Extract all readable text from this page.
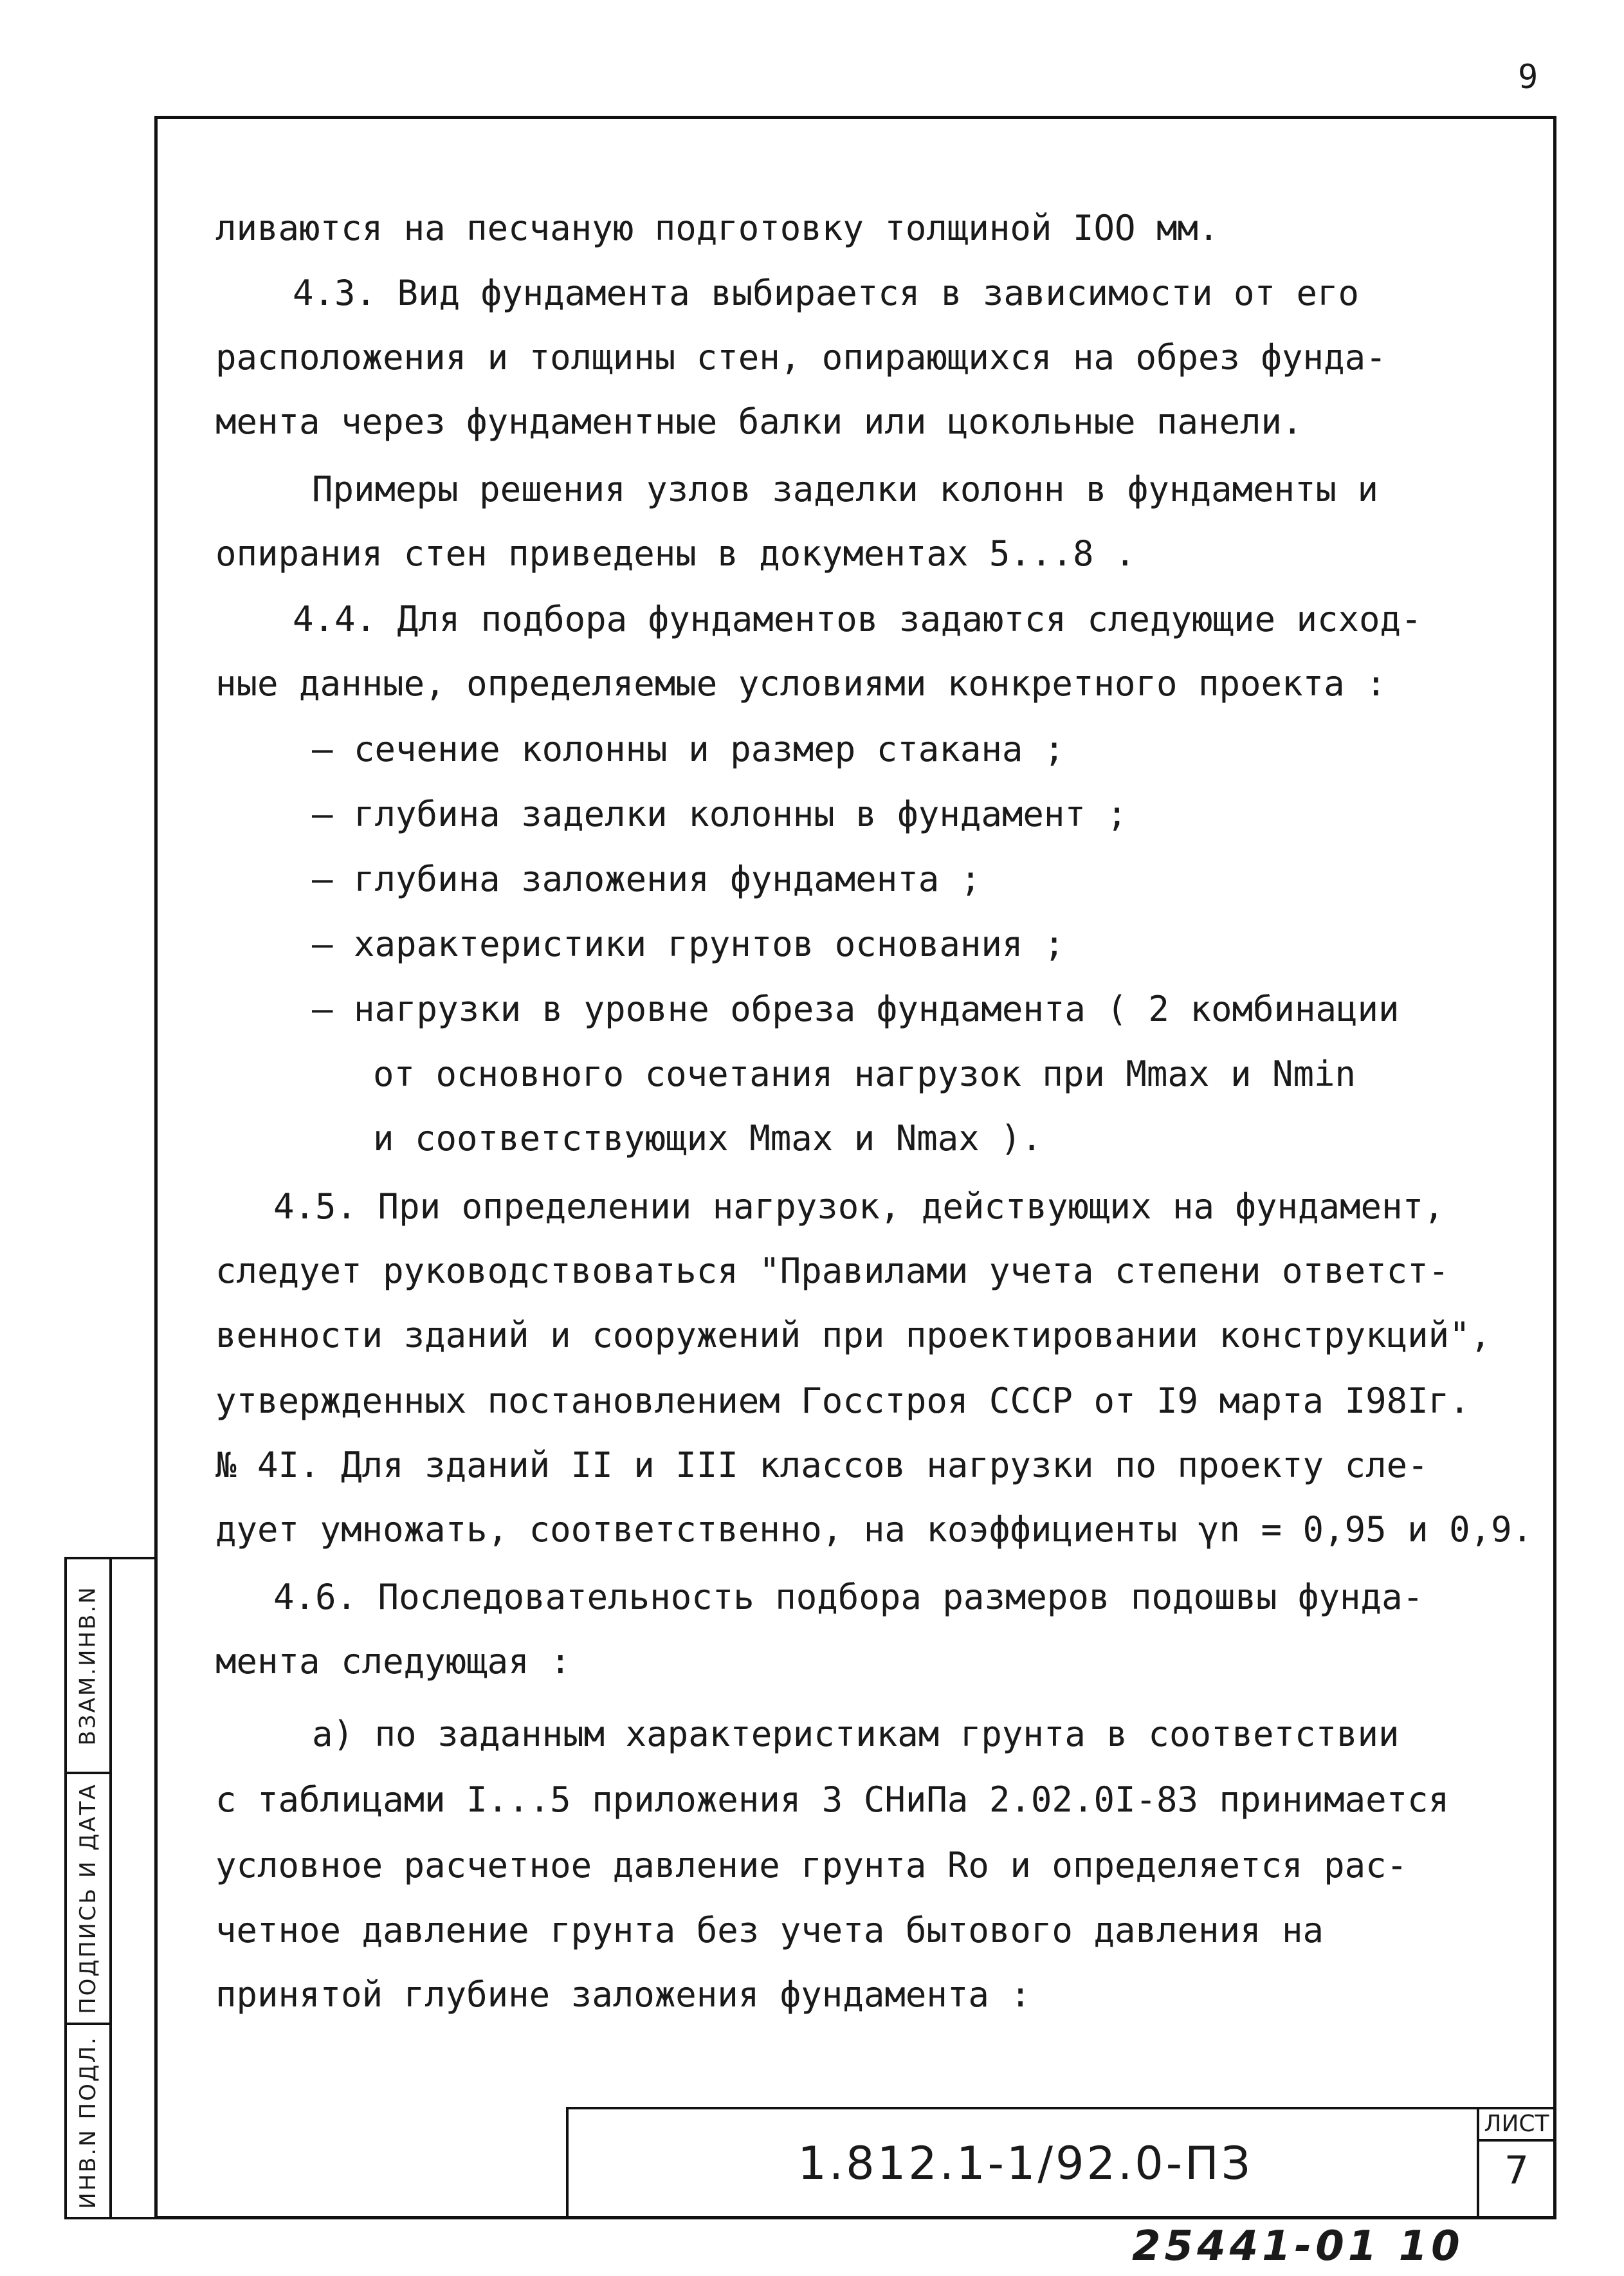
9
ливаются на песчаную подготовку толщиной IOO мм.
4.3. Вид фундамента выбирается в зависимости от его
расположения и толщины стен, опирающихся на обрез фунда-
мента через фундаментные балки или цокольные панели.
Примеры решения узлов заделки колонн в фундаменты и
опирания стен приведены в документах 5...8 .
4.4. Для подбора фундаментов задаются следующие исход-
ные данные, определяемые условиями конкретного проекта :
– сечение колонны и размер стакана ;
– глубина заделки колонны в фундамент ;
– глубина заложения фундамента ;
– характеристики грунтов основания ;
– нагрузки в уровне обреза фундамента ( 2 комбинации
от основного сочетания нагрузок при Mmax и Nmin
и соответствующих Mmax и Nmax ).
4.5. При определении нагрузок, действующих на фундамент,
следует руководствоваться "Правилами учета степени ответст-
венности зданий и сооружений при проектировании конструкций",
утвержденных постановлением Госстроя СССР от I9 марта I98Iг.
№ 4I. Для зданий II и III классов нагрузки по проекту сле-
дует умножать, соответственно, на коэффициенты γn = 0,95 и 0,9.
4.6. Последовательность подбора размеров подошвы фунда-
мента следующая :
а) по заданным характеристикам грунта в соответствии
с таблицами I...5 приложения 3 СНиПа 2.02.0I-83 принимается
условное расчетное давление грунта Ro и определяется рас-
четное давление грунта без учета бытового давления на
принятой глубине заложения фундамента :
ВЗАМ.ИНВ.N
ПОДПИСЬ И ДАТА
ИНВ.N ПОДЛ.	1.812.1-1/92.0-ПЗ
ЛИСТ
7
25441-01 10
